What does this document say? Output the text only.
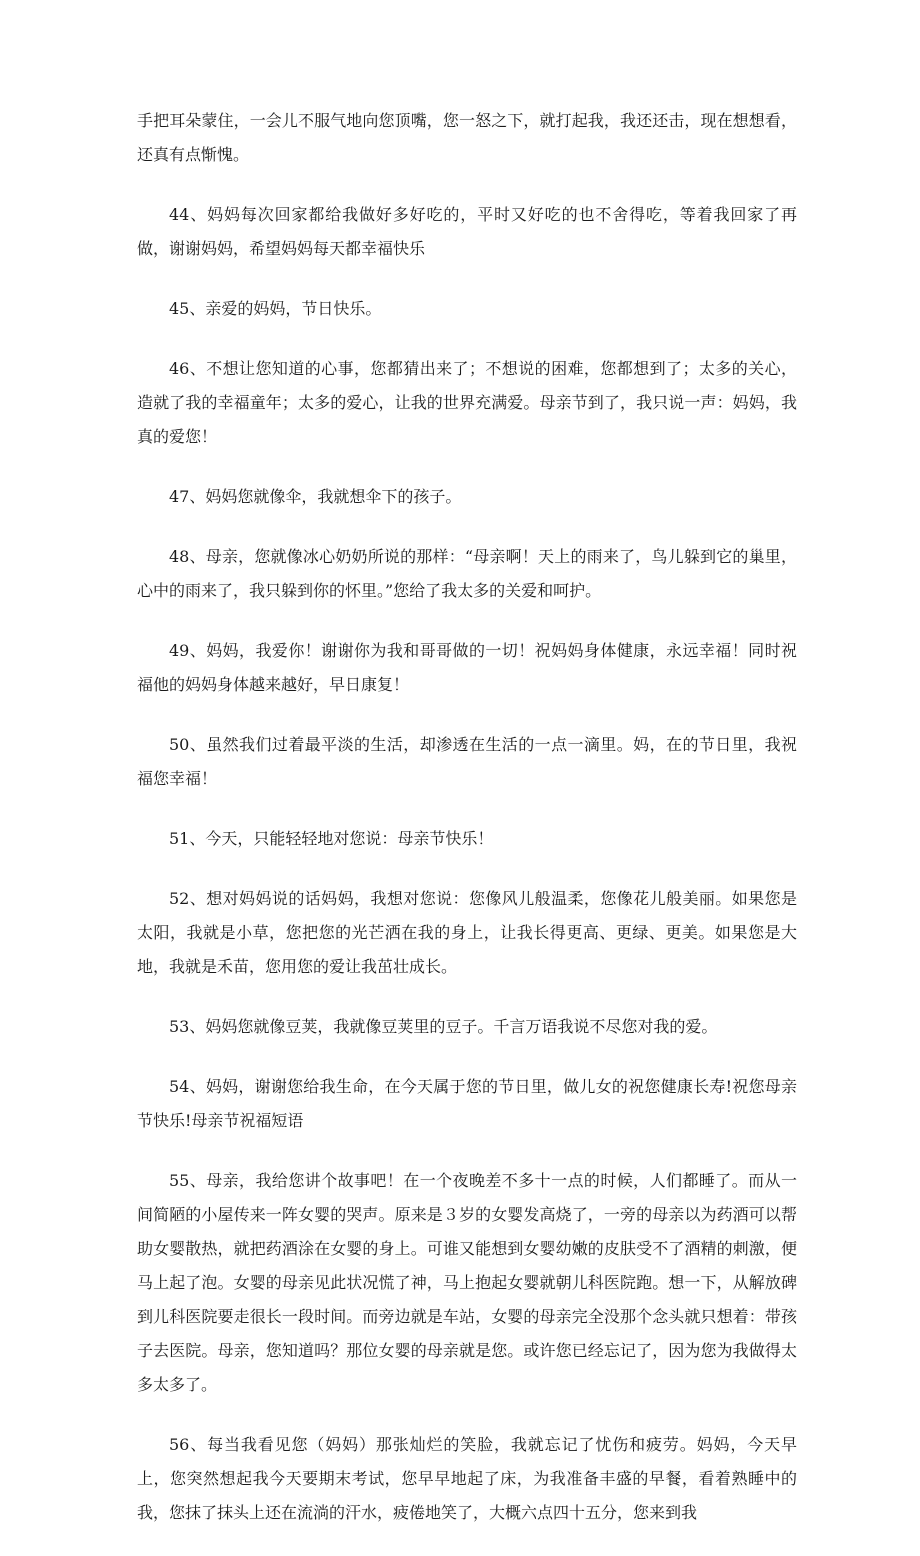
手把耳朵蒙住，一会儿不服气地向您顶嘴，您一怒之下，就打起我，我还还击，现在想想看，还真有点惭愧。

44、妈妈每次回家都给我做好多好吃的，平时又好吃的也不舍得吃，等着我回家了再做，谢谢妈妈，希望妈妈每天都幸福快乐

45、亲爱的妈妈，节日快乐。

46、不想让您知道的心事，您都猜出来了；不想说的困难，您都想到了；太多的关心，造就了我的幸福童年；太多的爱心，让我的世界充满爱。母亲节到了，我只说一声：妈妈，我真的爱您！

47、妈妈您就像伞，我就想伞下的孩子。

48、母亲，您就像冰心奶奶所说的那样：“母亲啊！天上的雨来了，鸟儿躲到它的巢里，心中的雨来了，我只躲到你的怀里。”您给了我太多的关爱和呵护。

49、妈妈，我爱你！谢谢你为我和哥哥做的一切！祝妈妈身体健康，永远幸福！同时祝福他的妈妈身体越来越好，早日康复！

50、虽然我们过着最平淡的生活，却渗透在生活的一点一滴里。妈，在的节日里，我祝福您幸福！

51、今天，只能轻轻地对您说：母亲节快乐！

52、想对妈妈说的话妈妈，我想对您说：您像风儿般温柔，您像花儿般美丽。如果您是太阳，我就是小草，您把您的光芒洒在我的身上，让我长得更高、更绿、更美。如果您是大地，我就是禾苗，您用您的爱让我茁壮成长。

53、妈妈您就像豆荚，我就像豆荚里的豆子。千言万语我说不尽您对我的爱。

54、妈妈，谢谢您给我生命，在今天属于您的节日里，做儿女的祝您健康长寿!祝您母亲节快乐!母亲节祝福短语

55、母亲，我给您讲个故事吧！在一个夜晚差不多十一点的时候，人们都睡了。而从一间简陋的小屋传来一阵女婴的哭声。原来是３岁的女婴发高烧了，一旁的母亲以为药酒可以帮助女婴散热，就把药酒涂在女婴的身上。可谁又能想到女婴幼嫩的皮肤受不了酒精的刺激，便马上起了泡。女婴的母亲见此状况慌了神，马上抱起女婴就朝儿科医院跑。想一下，从解放碑到儿科医院要走很长一段时间。而旁边就是车站，女婴的母亲完全没那个念头就只想着：带孩子去医院。母亲，您知道吗？那位女婴的母亲就是您。或许您已经忘记了，因为您为我做得太多太多了。

56、每当我看见您（妈妈）那张灿烂的笑脸，我就忘记了忧伤和疲劳。妈妈，今天早上，您突然想起我今天要期末考试，您早早地起了床，为我准备丰盛的早餐，看着熟睡中的我，您抹了抹头上还在流淌的汗水，疲倦地笑了，大概六点四十五分，您来到我
